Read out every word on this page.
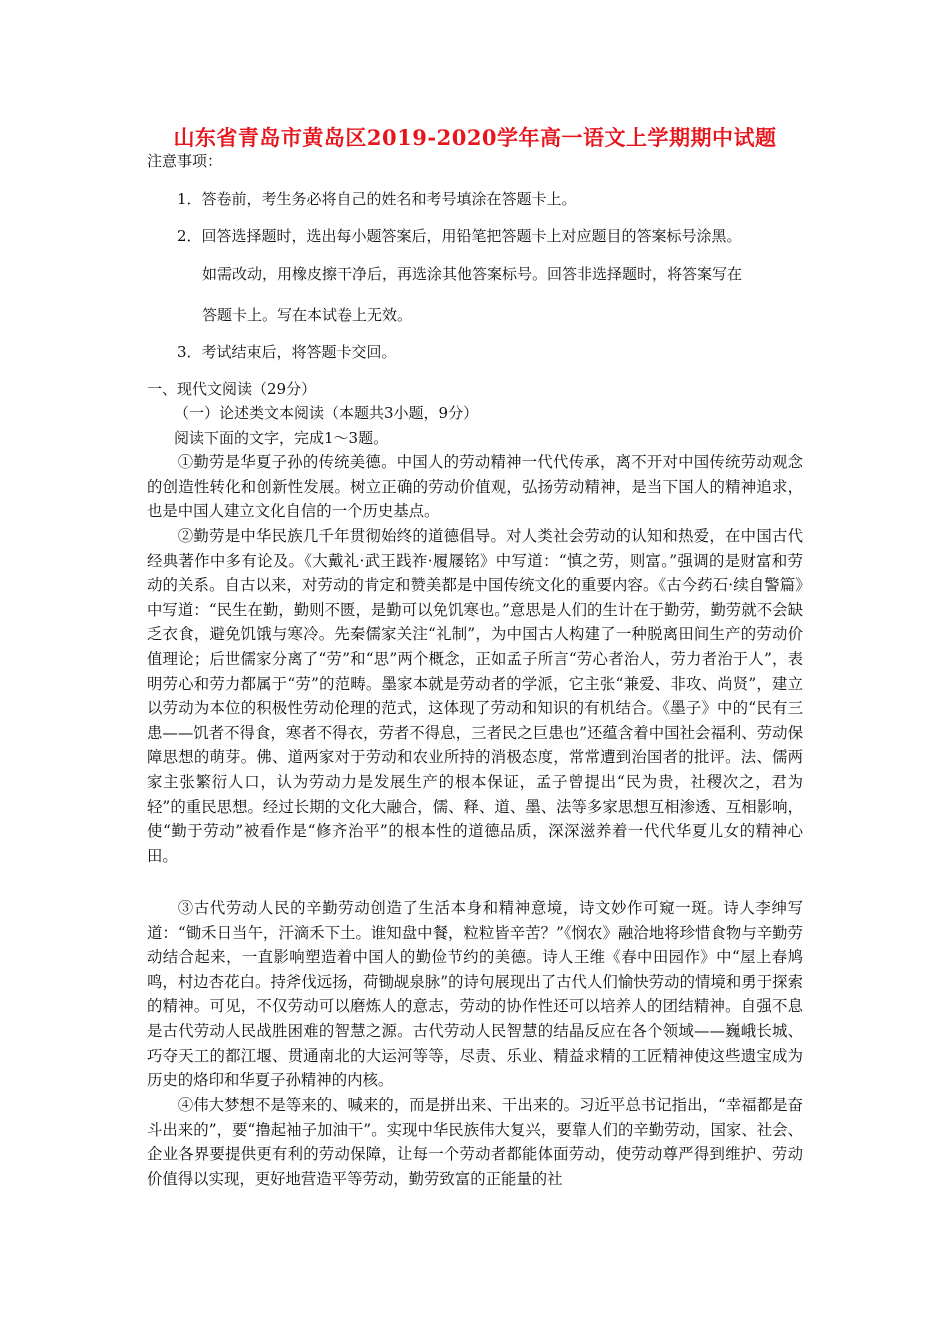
山东省青岛市黄岛区2019-2020学年高一语文上学期期中试题
注意事项：
1．答卷前，考生务必将自己的姓名和考号填涂在答题卡上。
2．回答选择题时，选出每小题答案后，用铅笔把答题卡上对应题目的答案标号涂黑。
如需改动，用橡皮擦干净后，再选涂其他答案标号。回答非选择题时，将答案写在
答题卡上。写在本试卷上无效。
3．考试结束后，将答题卡交回。
一、现代文阅读（29分）
（一）论述类文本阅读（本题共3小题，9分）
阅读下面的文字，完成1～3题。
①勤劳是华夏子孙的传统美德。中国人的劳动精神一代代传承，离不开对中国传统劳动观念的创造性转化和创新性发展。树立正确的劳动价值观，弘扬劳动精神，是当下国人的精神追求，也是中国人建立文化自信的一个历史基点。
②勤劳是中华民族几千年贯彻始终的道德倡导。对人类社会劳动的认知和热爱，在中国古代经典著作中多有论及。《大戴礼·武王践祚·履屦铭》中写道：“慎之劳，则富。”强调的是财富和劳动的关系。自古以来，对劳动的肯定和赞美都是中国传统文化的重要内容。《古今药石·续自警篇》中写道：“民生在勤，勤则不匮，是勤可以免饥寒也。”意思是人们的生计在于勤劳，勤劳就不会缺乏衣食，避免饥饿与寒冷。先秦儒家关注“礼制”，为中国古人构建了一种脱离田间生产的劳动价值理论；后世儒家分离了“劳”和“思”两个概念，正如孟子所言“劳心者治人，劳力者治于人”，表明劳心和劳力都属于“劳”的范畴。墨家本就是劳动者的学派，它主张“兼爱、非攻、尚贤”，建立以劳动为本位的积极性劳动伦理的范式，这体现了劳动和知识的有机结合。《墨子》中的“民有三患——饥者不得食，寒者不得衣，劳者不得息，三者民之巨患也”还蕴含着中国社会福利、劳动保障思想的萌芽。佛、道两家对于劳动和农业所持的消极态度，常常遭到治国者的批评。法、儒两家主张繁衍人口，认为劳动力是发展生产的根本保证，孟子曾提出“民为贵，社稷次之，君为轻”的重民思想。经过长期的文化大融合，儒、释、道、墨、法等多家思想互相渗透、互相影响，使“勤于劳动”被看作是“修齐治平”的根本性的道德品质，深深滋养着一代代华夏儿女的精神心田。
③古代劳动人民的辛勤劳动创造了生活本身和精神意境，诗文妙作可窥一斑。诗人李绅写道：“锄禾日当午，汗滴禾下土。谁知盘中餐，粒粒皆辛苦？”《悯农》融洽地将珍惜食物与辛勤劳动结合起来，一直影响塑造着中国人的勤俭节约的美德。诗人王维《春中田园作》中“屋上春鸠鸣，村边杏花白。持斧伐远扬，荷锄觇泉脉”的诗句展现出了古代人们愉快劳动的情境和勇于探索的精神。可见，不仅劳动可以磨炼人的意志，劳动的协作性还可以培养人的团结精神。自强不息是古代劳动人民战胜困难的智慧之源。古代劳动人民智慧的结晶反应在各个领域——巍峨长城、巧夺天工的都江堰、贯通南北的大运河等等，尽责、乐业、精益求精的工匠精神使这些遗宝成为历史的烙印和华夏子孙精神的内核。
④伟大梦想不是等来的、喊来的，而是拼出来、干出来的。习近平总书记指出，“幸福都是奋斗出来的”，要“撸起袖子加油干”。实现中华民族伟大复兴，要靠人们的辛勤劳动，国家、社会、企业各界要提供更有利的劳动保障，让每一个劳动者都能体面劳动，使劳动尊严得到维护、劳动价值得以实现，更好地营造平等劳动，勤劳致富的正能量的社
